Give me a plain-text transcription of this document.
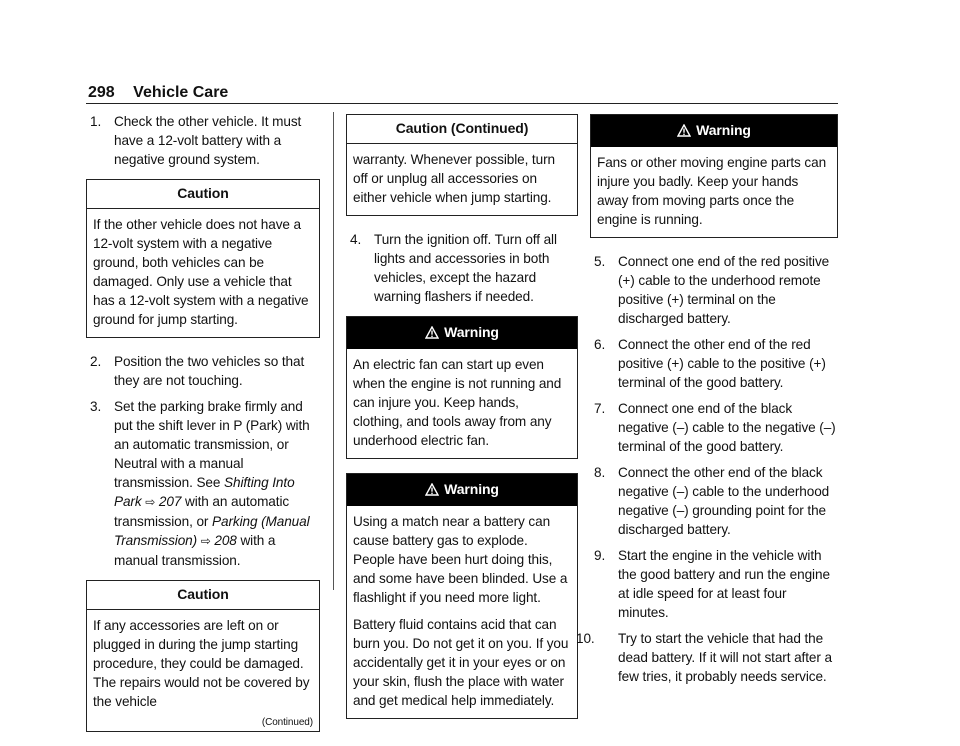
298 Vehicle Care
1. Check the other vehicle. It must have a 12-volt battery with a negative ground system.
Caution

If the other vehicle does not have a 12-volt system with a negative ground, both vehicles can be damaged. Only use a vehicle that has a 12-volt system with a negative ground for jump starting.

2. Position the two vehicles so that they are not touching.
3. Set the parking brake firmly and put the shift lever in P (Park) with an automatic transmission, or Neutral with a manual transmission. See Shifting Into Park ⇨ 207 with an automatic transmission, or Parking (Manual Transmission) ⇨ 208 with a manual transmission.
Caution

If any accessories are left on or plugged in during the jump starting procedure, they could be damaged. The repairs would not be covered by the vehicle

(Continued)
Caution (Continued)

warranty. Whenever possible, turn off or unplug all accessories on either vehicle when jump starting.

4. Turn the ignition off. Turn off all lights and accessories in both vehicles, except the hazard warning flashers if needed.
Warning

An electric fan can start up even when the engine is not running and can injure you. Keep hands, clothing, and tools away from any underhood electric fan.

Warning

Using a match near a battery can cause battery gas to explode. People have been hurt doing this, and some have been blinded. Use a flashlight if you need more light.

Battery fluid contains acid that can burn you. Do not get it on you. If you accidentally get it in your eyes or on your skin, flush the place with water and get medical help immediately.

Warning

Fans or other moving engine parts can injure you badly. Keep your hands away from moving parts once the engine is running.

5. Connect one end of the red positive (+) cable to the underhood remote positive (+) terminal on the discharged battery.
6. Connect the other end of the red positive (+) cable to the positive (+) terminal of the good battery.
7. Connect one end of the black negative (–) cable to the negative (–) terminal of the good battery.
8. Connect the other end of the black negative (–) cable to the underhood negative (–) grounding point for the discharged battery.
9. Start the engine in the vehicle with the good battery and run the engine at idle speed for at least four minutes.
10. Try to start the vehicle that had the dead battery. If it will not start after a few tries, it probably needs service.
